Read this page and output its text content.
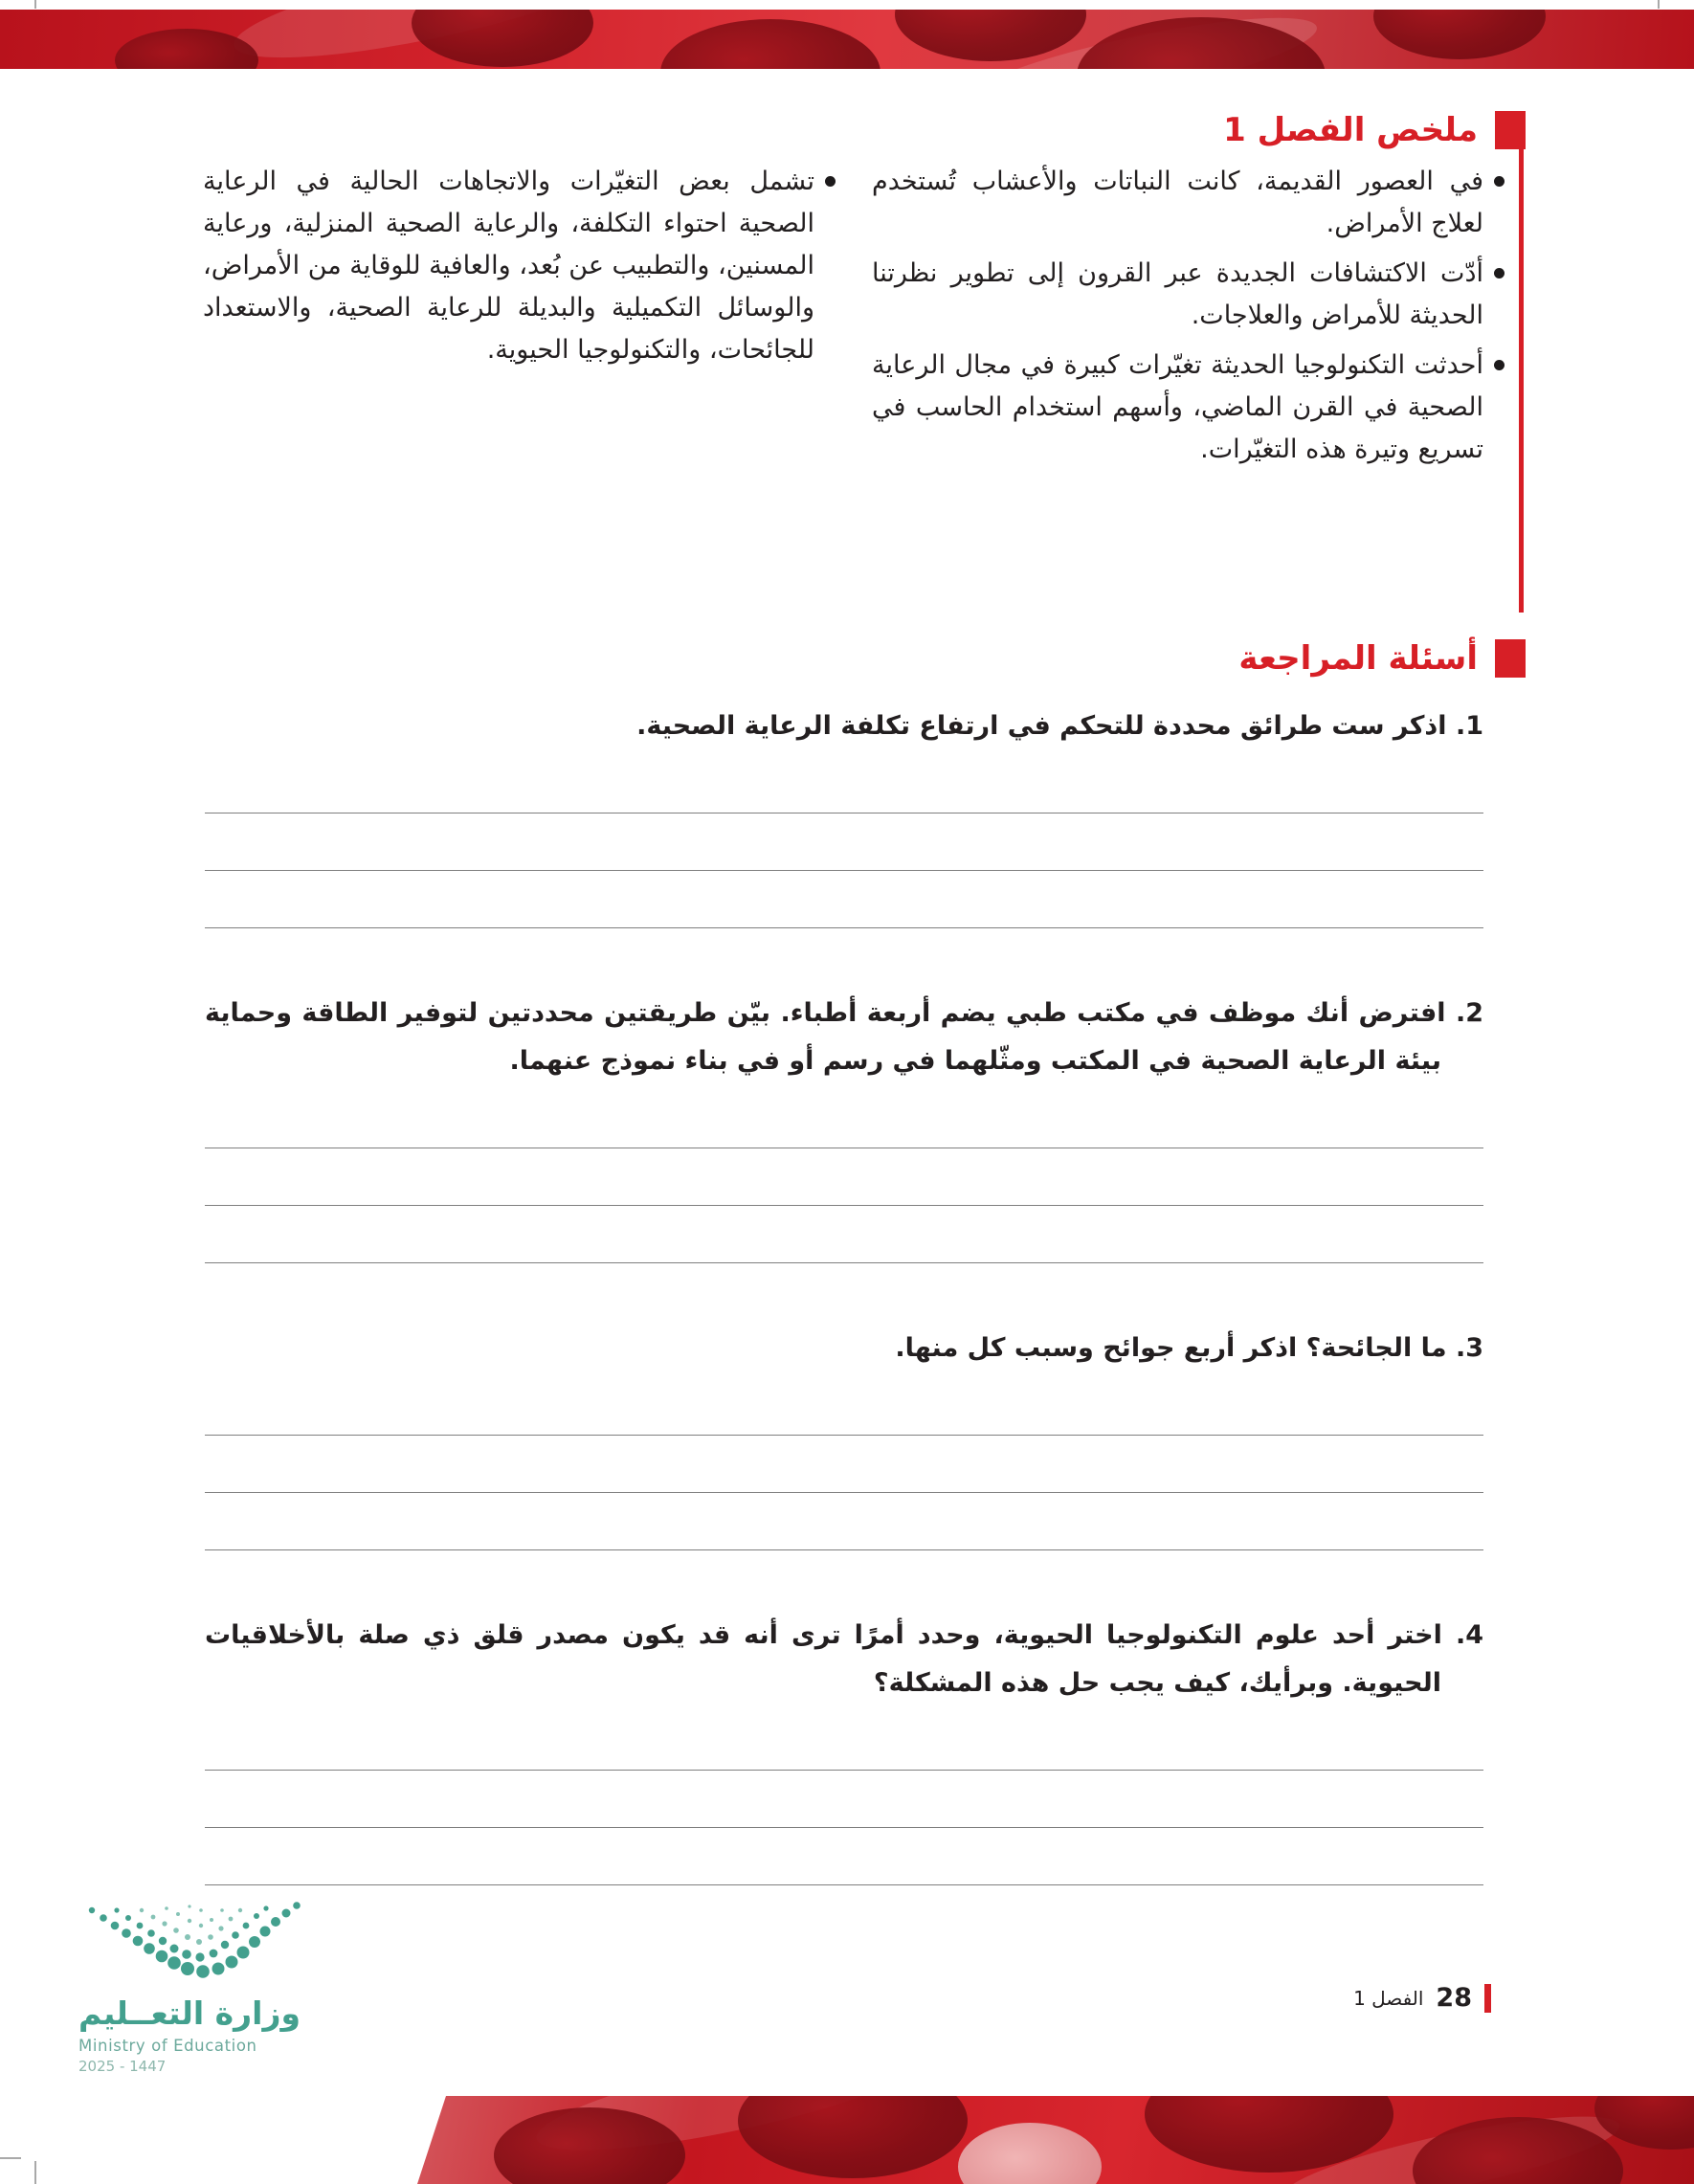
ملخص الفصل 1
في العصور القديمة، كانت النباتات والأعشاب تُستخدم لعلاج الأمراض.
أدّت الاكتشافات الجديدة عبر القرون إلى تطوير نظرتنا الحديثة للأمراض والعلاجات.
أحدثت التكنولوجيا الحديثة تغيّرات كبيرة في مجال الرعاية الصحية في القرن الماضي، وأسهم استخدام الحاسب في تسريع وتيرة هذه التغيّرات.
تشمل بعض التغيّرات والاتجاهات الحالية في الرعاية الصحية احتواء التكلفة، والرعاية الصحية المنزلية، ورعاية المسنين، والتطبيب عن بُعد، والعافية للوقاية من الأمراض، والوسائل التكميلية والبديلة للرعاية الصحية، والاستعداد للجائحات، والتكنولوجيا الحيوية.
أسئلة المراجعة

1. اذكر ست طرائق محددة للتحكم في ارتفاع تكلفة الرعاية الصحية.

2. افترض أنك موظف في مكتب طبي يضم أربعة أطباء. بيّن طريقتين محددتين لتوفير الطاقة وحماية بيئة الرعاية الصحية في المكتب ومثّلهما في رسم أو في بناء نموذج عنهما.

3. ما الجائحة؟ اذكر أربع جوائح وسبب كل منها.

4. اختر أحد علوم التكنولوجيا الحيوية، وحدد أمرًا ترى أنه قد يكون مصدر قلق ذي صلة بالأخلاقيات الحيوية. وبرأيك، كيف يجب حل هذه المشكلة؟

وزارة التعــليم
Ministry of Education
2025 - 1447
28
الفصل 1
